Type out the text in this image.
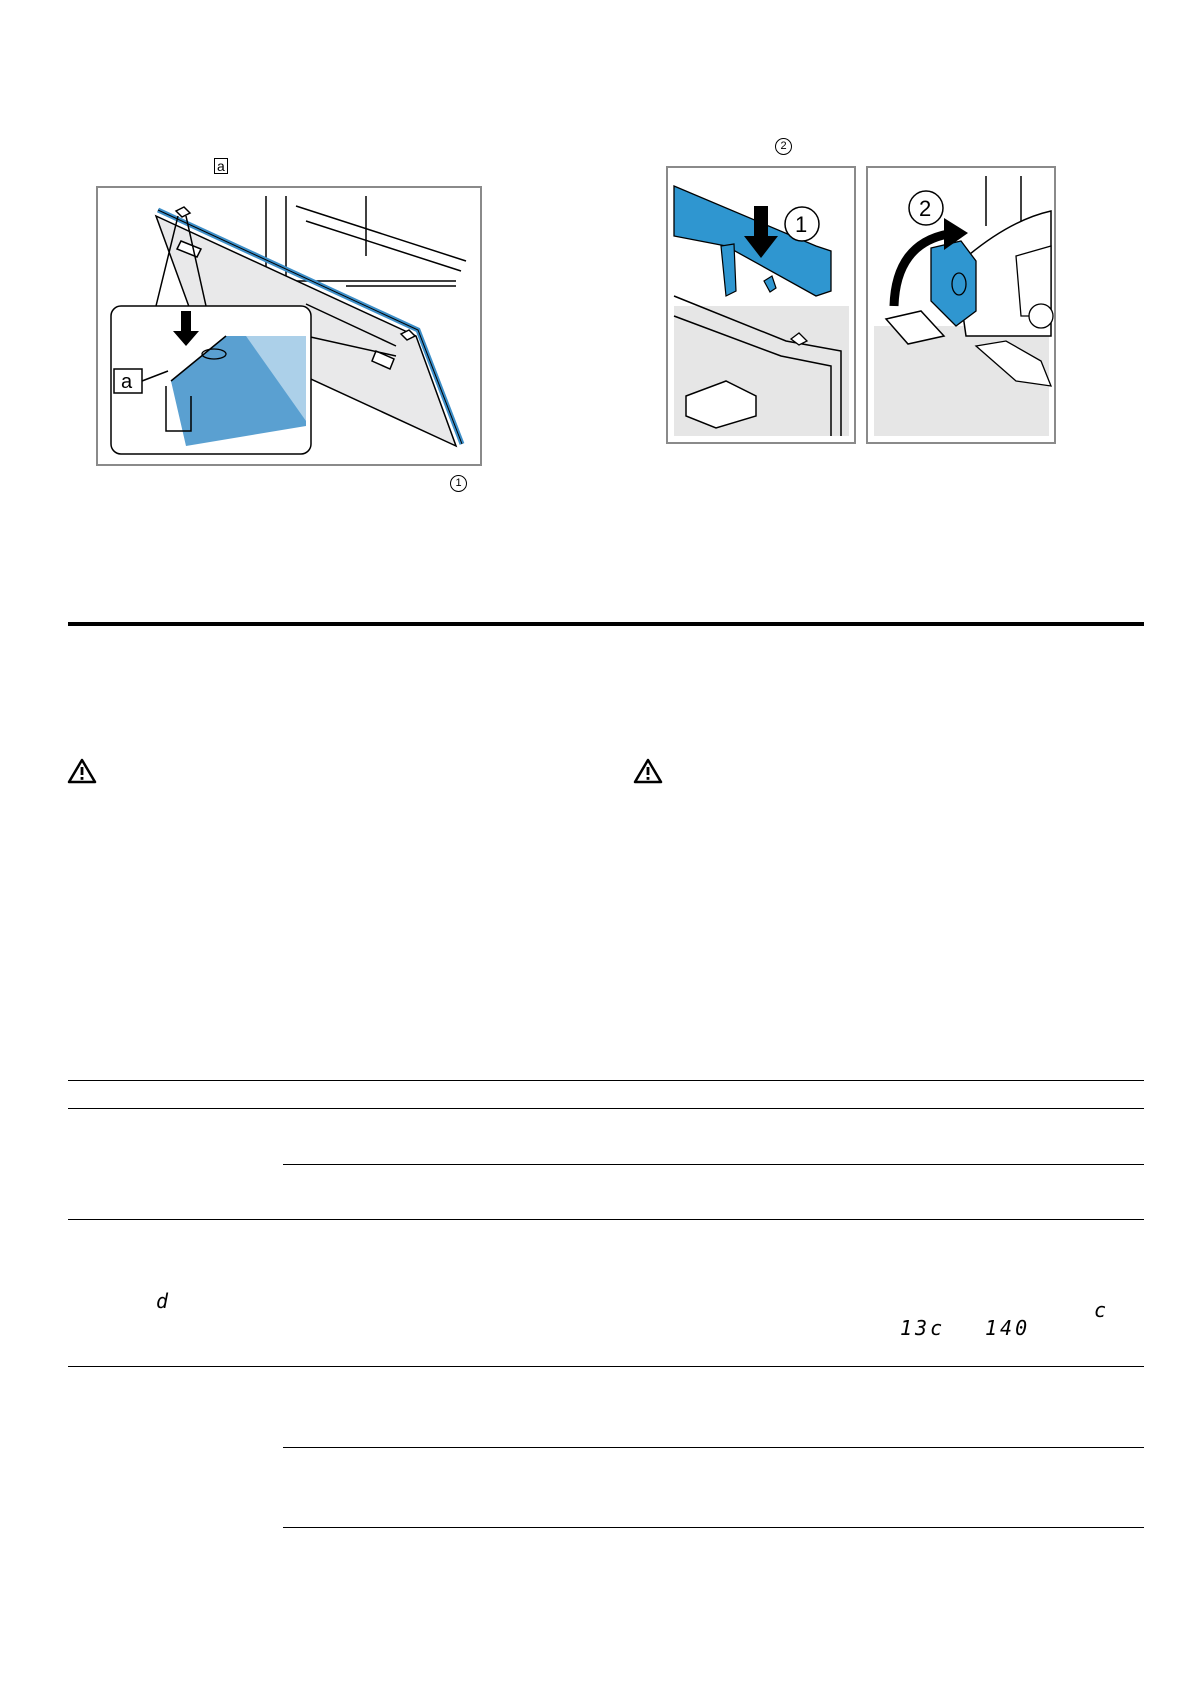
a
a
1
2
1
2
d	c
13c 140
